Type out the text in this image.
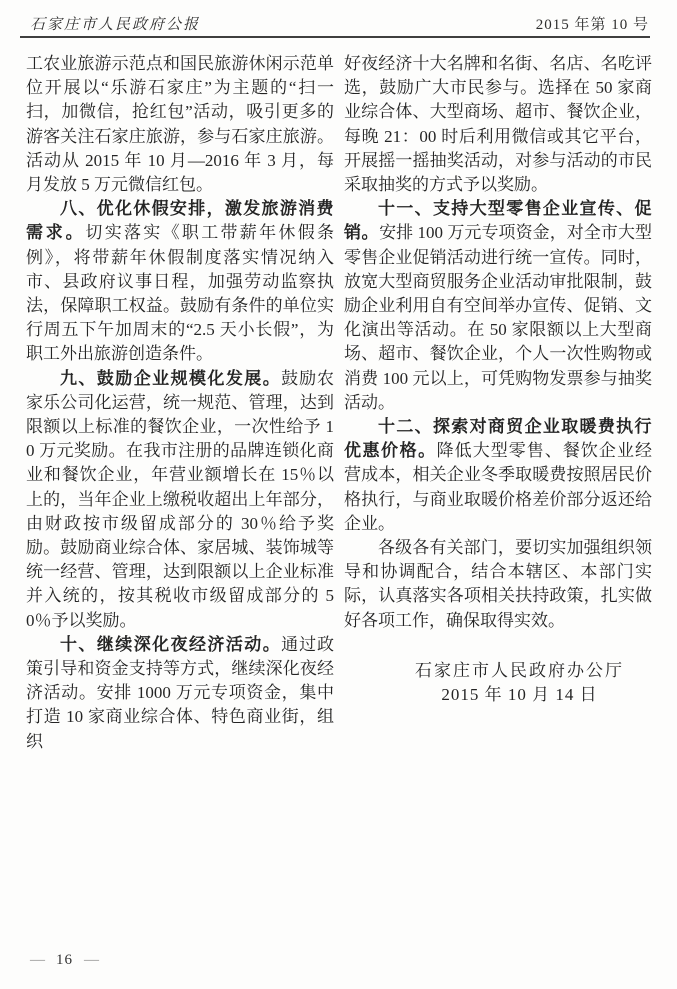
石家庄市人民政府公报	2015 年第 10 号

工农业旅游示范点和国民旅游休闲示范单位开展以“乐游石家庄”为主题的“扫一扫，加微信，抢红包”活动，吸引更多的游客关注石家庄旅游，参与石家庄旅游。活动从 2015 年 10 月—2016 年 3 月，每月发放 5 万元微信红包。

八、优化休假安排，激发旅游消费需求。切实落实《职工带薪年休假条例》，将带薪年休假制度落实情况纳入市、县政府议事日程，加强劳动监察执法，保障职工权益。鼓励有条件的单位实行周五下午加周末的“2.5 天小长假”，为职工外出旅游创造条件。

九、鼓励企业规模化发展。鼓励农家乐公司化运营，统一规范、管理，达到限额以上标准的餐饮企业，一次性给予 10 万元奖励。在我市注册的品牌连锁化商业和餐饮企业，年营业额增长在 15％以上的，当年企业上缴税收超出上年部分，由财政按市级留成部分的 30％给予奖励。鼓励商业综合体、家居城、装饰城等统一经营、管理，达到限额以上企业标准并入统的，按其税收市级留成部分的 50％予以奖励。

十、继续深化夜经济活动。通过政策引导和资金支持等方式，继续深化夜经济活动。安排 1000 万元专项资金，集中打造 10 家商业综合体、特色商业街，组织

好夜经济十大名牌和名街、名店、名吃评选，鼓励广大市民参与。选择在 50 家商业综合体、大型商场、超市、餐饮企业，每晚 21：00 时后利用微信或其它平台，开展摇一摇抽奖活动，对参与活动的市民采取抽奖的方式予以奖励。

十一、支持大型零售企业宣传、促销。安排 100 万元专项资金，对全市大型零售企业促销活动进行统一宣传。同时，放宽大型商贸服务企业活动审批限制，鼓励企业利用自有空间举办宣传、促销、文化演出等活动。在 50 家限额以上大型商场、超市、餐饮企业，个人一次性购物或消费 100 元以上，可凭购物发票参与抽奖活动。

十二、探索对商贸企业取暖费执行优惠价格。降低大型零售、餐饮企业经营成本，相关企业冬季取暖费按照居民价格执行，与商业取暖价格差价部分返还给企业。

各级各有关部门，要切实加强组织领导和协调配合，结合本辖区、本部门实际，认真落实各项相关扶持政策，扎实做好各项工作，确保取得实效。

石家庄市人民政府办公厅
2015 年 10 月 14 日
— 16 —
